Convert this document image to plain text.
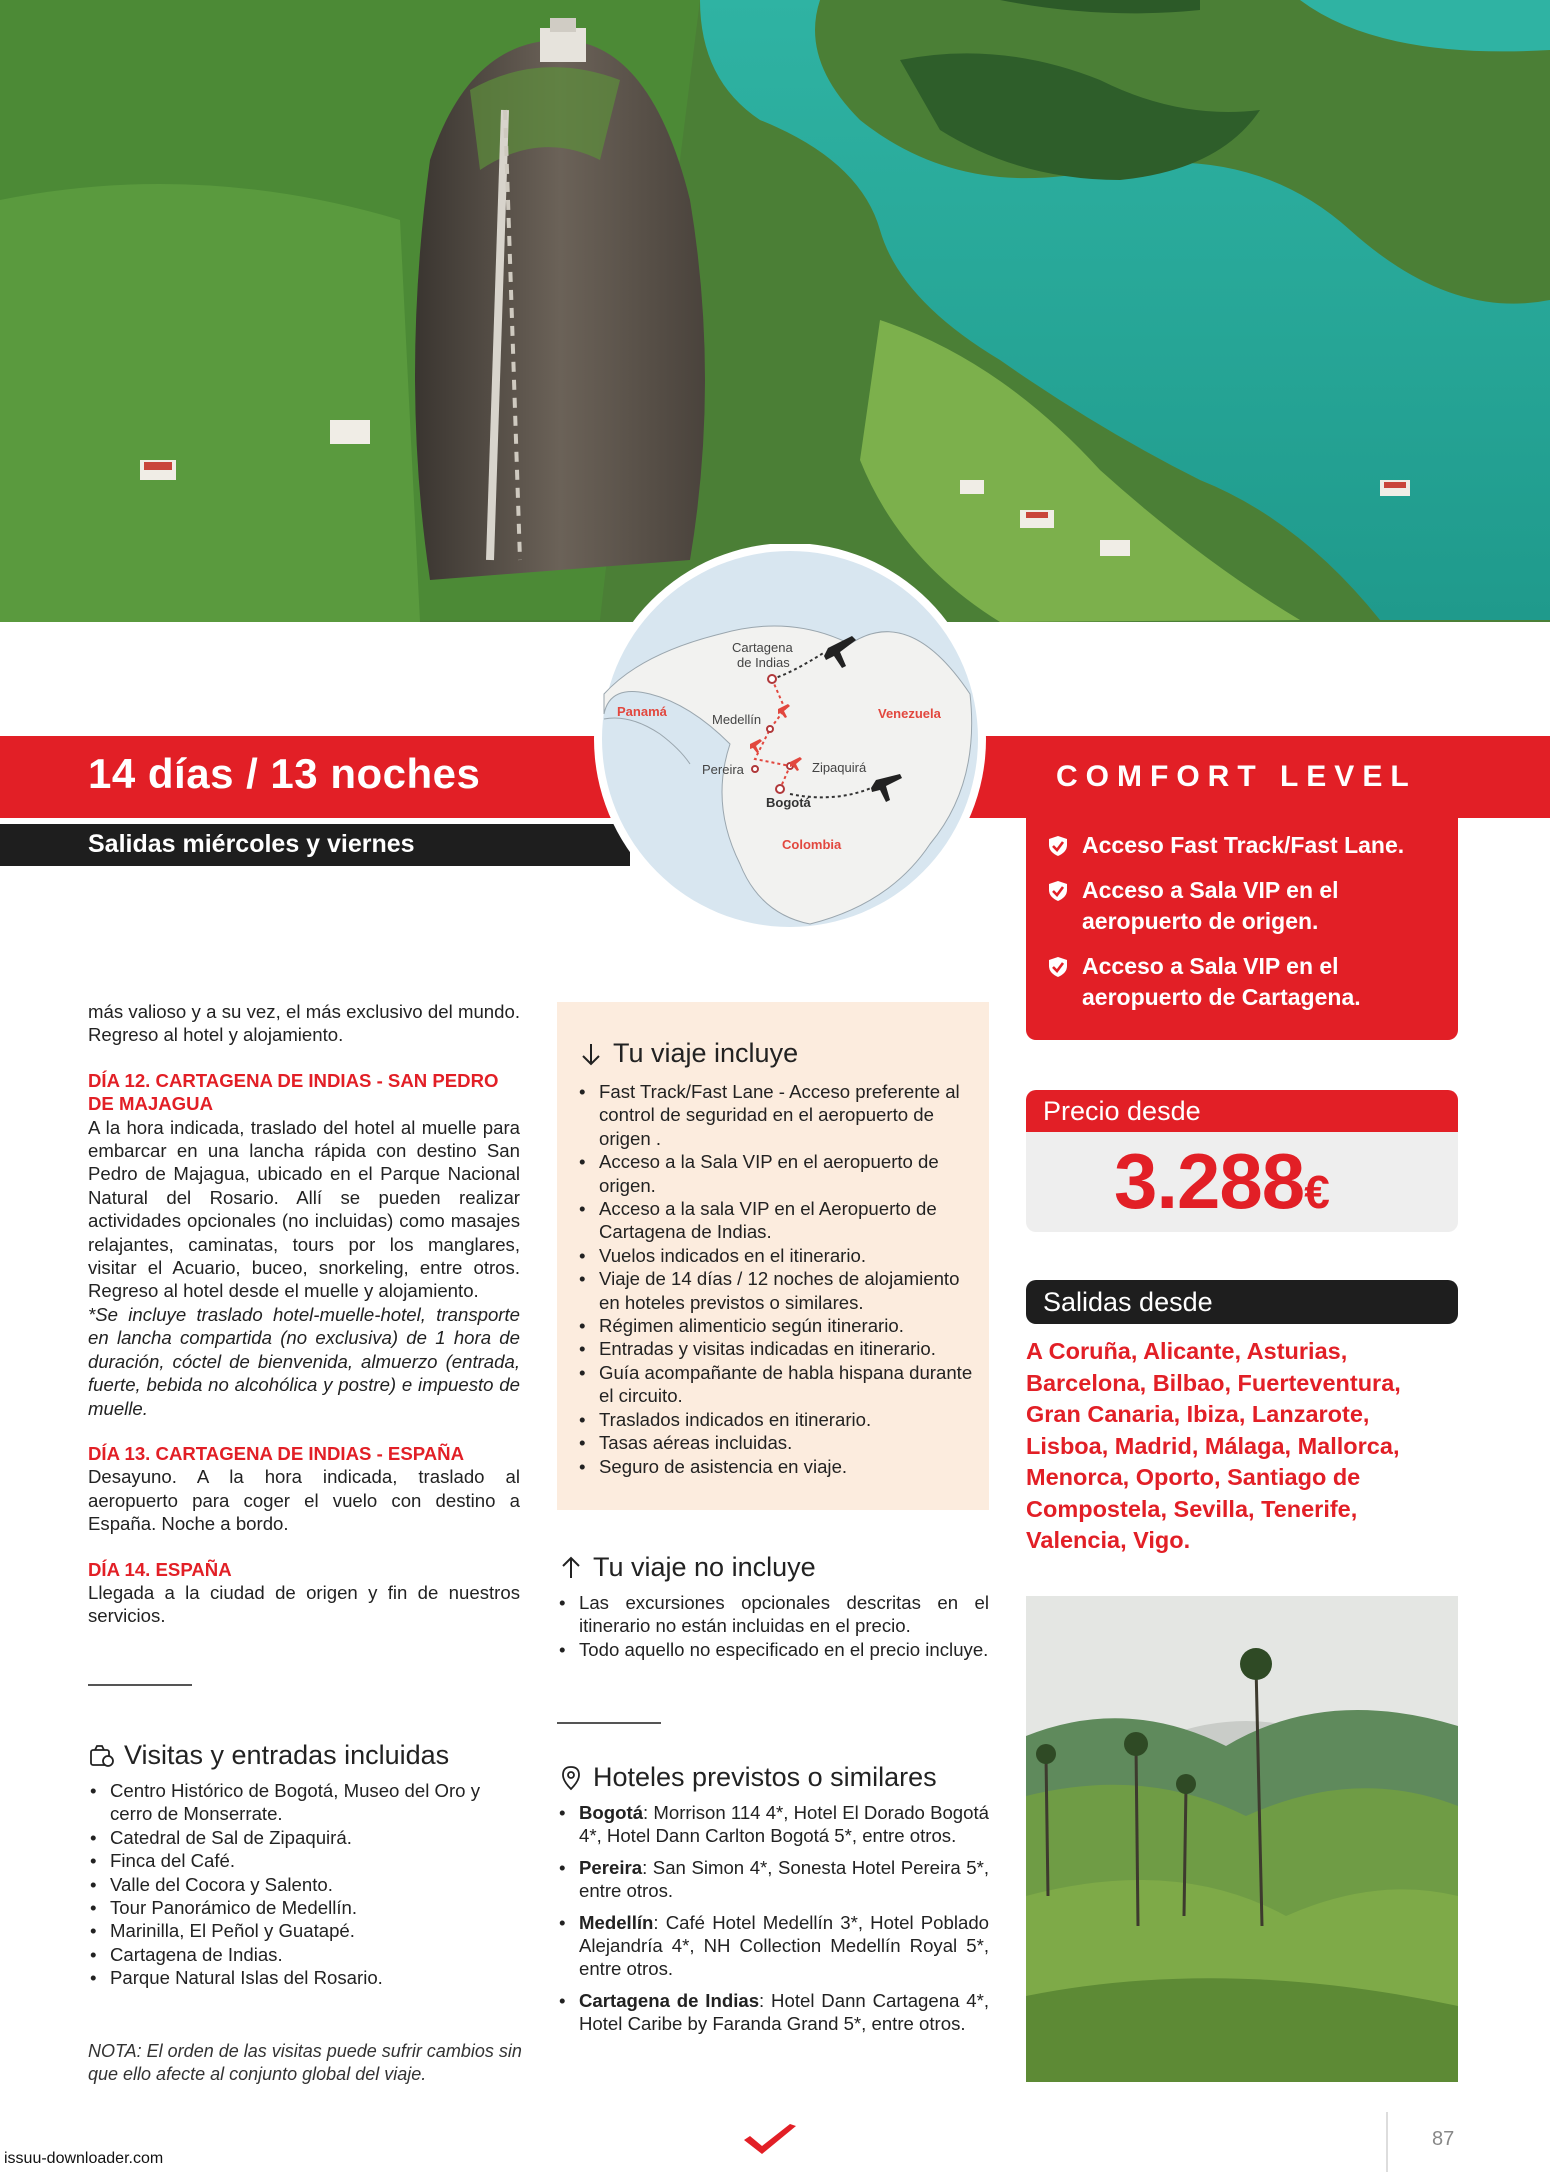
14 días / 13 noches
Salidas miércoles y viernes
COMFORT LEVEL
Acceso Fast Track/Fast Lane.
Acceso a Sala VIP en el aeropuerto de origen.
Acceso a Sala VIP en el aeropuerto de Cartagena.
Cartagena
de Indias
Panamá	Venezuela
Medellín
Pereira	Zipaquirá
Bogotá
Colombia

más valioso y a su vez, el más exclusivo del mundo. Regreso al hotel y alojamiento.

DÍA 12. CARTAGENA DE INDIAS - SAN PEDRO DE MAJAGUA

A la hora indicada, traslado del hotel al muelle para embarcar en una lancha rápida con destino San Pedro de Majagua, ubicado en el Parque Nacional Natural del Rosario. Allí se pueden realizar actividades opcionales (no incluidas) como masajes relajantes, caminatas, tours por los manglares, visitar el Acuario, buceo, snorkeling, entre otros. Regreso al hotel desde el muelle y alojamiento.

*Se incluye traslado hotel-muelle-hotel, transporte en lancha compartida (no exclusiva) de 1 hora de duración, cóctel de bienvenida, almuerzo (entrada, fuerte, bebida no alcohólica y postre) e impuesto de muelle.

DÍA 13. CARTAGENA DE INDIAS - ESPAÑA

Desayuno. A la hora indicada, traslado al aeropuerto para coger el vuelo con destino a España. Noche a bordo.

DÍA 14. ESPAÑA

Llegada a la ciudad de origen y fin de nuestros servicios.

Visitas y entradas incluidas
• Centro Histórico de Bogotá, Museo del Oro y cerro de Monserrate.
• Catedral de Sal de Zipaquirá.
• Finca del Café.
• Valle del Cocora y Salento.
• Tour Panorámico de Medellín.
• Marinilla, El Peñol y Guatapé.
• Cartagena de Indias.
• Parque Natural Islas del Rosario.
NOTA: El orden de las visitas puede sufrir cambios sin que ello afecte al conjunto global del viaje.
Tu viaje incluye
• Fast Track/Fast Lane - Acceso preferente al control de seguridad en el aeropuerto de origen .
• Acceso a la Sala VIP en el aeropuerto de origen.
• Acceso a la sala VIP en el Aeropuerto de Cartagena de Indias.
• Vuelos indicados en el itinerario.
• Viaje de 14 días / 12 noches de alojamiento en hoteles previstos o similares.
• Régimen alimenticio según itinerario.
• Entradas y visitas indicadas en itinerario.
• Guía acompañante de habla hispana durante el circuito.
• Traslados indicados en itinerario.
• Tasas aéreas incluidas.
• Seguro de asistencia en viaje.
Tu viaje no incluye
• Las excursiones opcionales descritas en el itinerario no están incluidas en el precio.
• Todo aquello no especificado en el precio incluye.
Hoteles previstos o similares
• Bogotá: Morrison 114 4*, Hotel El Dorado Bogotá 4*, Hotel Dann Carlton Bogotá 5*, entre otros.
• Pereira: San Simon 4*, Sonesta Hotel Pereira 5*, entre otros.
• Medellín: Café Hotel Medellín 3*, Hotel Poblado Alejandría 4*, NH Collection Medellín Royal 5*, entre otros.
• Cartagena de Indias: Hotel Dann Cartagena 4*, Hotel Caribe by Faranda Grand 5*, entre otros.
Precio desde
3.288€
Salidas desde
A Coruña, Alicante, Asturias, Barcelona, Bilbao, Fuerteventura, Gran Canaria, Ibiza, Lanzarote, Lisboa, Madrid, Málaga, Mallorca, Menorca, Oporto, Santiago de Compostela, Sevilla, Tenerife, Valencia, Vigo.
87
issuu-downloader.com
